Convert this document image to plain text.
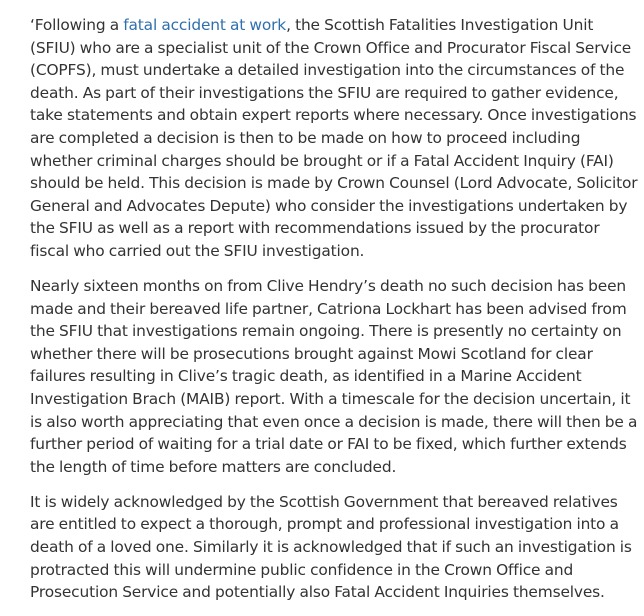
‘Following a fatal accident at work, the Scottish Fatalities Investigation Unit (SFIU) who are a specialist unit of the Crown Office and Procurator Fiscal Service (COPFS), must undertake a detailed investigation into the circumstances of the death. As part of their investigations the SFIU are required to gather evidence, take statements and obtain expert reports where necessary. Once investigations are completed a decision is then to be made on how to proceed including whether criminal charges should be brought or if a Fatal Accident Inquiry (FAI) should be held. This decision is made by Crown Counsel (Lord Advocate, Solicitor General and Advocates Depute) who consider the investigations undertaken by the SFIU as well as a report with recommendations issued by the procurator fiscal who carried out the SFIU investigation.

Nearly sixteen months on from Clive Hendry’s death no such decision has been made and their bereaved life partner, Catriona Lockhart has been advised from the SFIU that investigations remain ongoing. There is presently no certainty on whether there will be prosecutions brought against Mowi Scotland for clear failures resulting in Clive’s tragic death, as identified in a Marine Accident Investigation Brach (MAIB) report. With a timescale for the decision uncertain, it is also worth appreciating that even once a decision is made, there will then be a further period of waiting for a trial date or FAI to be fixed, which further extends the length of time before matters are concluded.

It is widely acknowledged by the Scottish Government that bereaved relatives are entitled to expect a thorough, prompt and professional investigation into a death of a loved one. Similarly it is acknowledged that if such an investigation is protracted this will undermine public confidence in the Crown Office and Prosecution Service and potentially also Fatal Accident Inquiries themselves.
